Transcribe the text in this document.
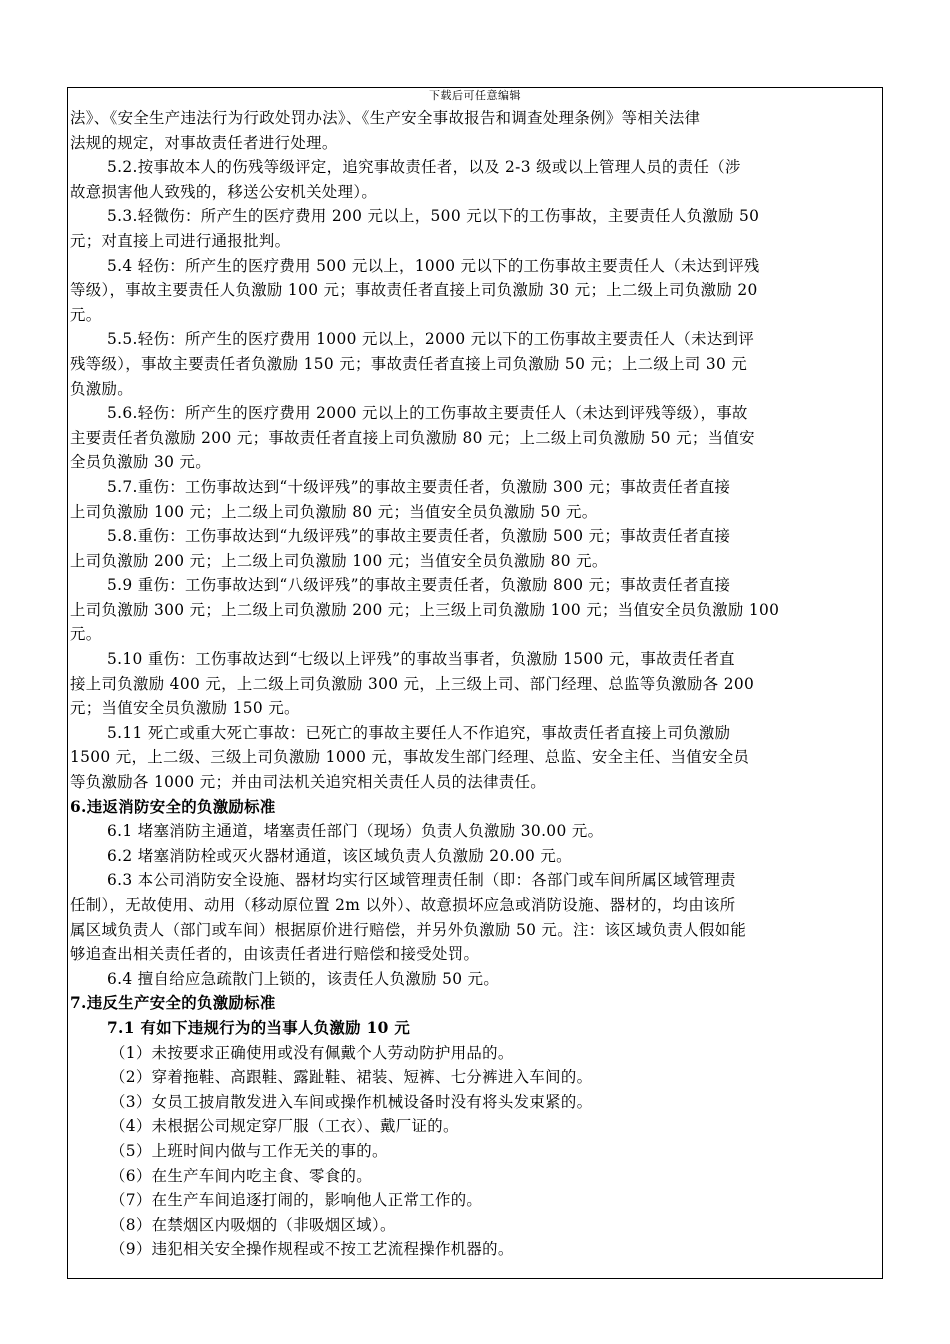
下载后可任意编辑
法》、《安全生产违法行为行政处罚办法》、《生产安全事故报告和调查处理条例》等相关法律
法规的规定，对事故责任者进行处理。
5.2.按事故本人的伤残等级评定，追究事故责任者，以及 2-3 级或以上管理人员的责任（涉
故意损害他人致残的，移送公安机关处理）。
5.3.轻微伤：所产生的医疗费用 200 元以上，500 元以下的工伤事故，主要责任人负激励 50
元；对直接上司进行通报批判。
5.4 轻伤：所产生的医疗费用 500 元以上，1000 元以下的工伤事故主要责任人（未达到评残
等级），事故主要责任人负激励 100 元；事故责任者直接上司负激励 30 元；上二级上司负激励 20
元。
5.5.轻伤：所产生的医疗费用 1000 元以上，2000 元以下的工伤事故主要责任人（未达到评
残等级），事故主要责任者负激励 150 元；事故责任者直接上司负激励 50 元；上二级上司 30 元
负激励。
5.6.轻伤：所产生的医疗费用 2000 元以上的工伤事故主要责任人（未达到评残等级），事故
主要责任者负激励 200 元；事故责任者直接上司负激励 80 元；上二级上司负激励 50 元；当值安
全员负激励 30 元。
5.7.重伤：工伤事故达到“十级评残”的事故主要责任者，负激励 300 元；事故责任者直接
上司负激励 100 元；上二级上司负激励 80 元；当值安全员负激励 50 元。
5.8.重伤：工伤事故达到“九级评残”的事故主要责任者，负激励 500 元；事故责任者直接
上司负激励 200 元；上二级上司负激励 100 元；当值安全员负激励 80 元。
5.9 重伤：工伤事故达到“八级评残”的事故主要责任者，负激励 800 元；事故责任者直接
上司负激励 300 元；上二级上司负激励 200 元；上三级上司负激励 100 元；当值安全员负激励 100
元。
5.10 重伤：工伤事故达到“七级以上评残”的事故当事者，负激励 1500 元，事故责任者直
接上司负激励 400 元，上二级上司负激励 300 元，上三级上司、部门经理、总监等负激励各 200
元；当值安全员负激励 150 元。
5.11 死亡或重大死亡事故：已死亡的事故主要任人不作追究，事故责任者直接上司负激励
1500 元，上二级、三级上司负激励 1000 元，事故发生部门经理、总监、安全主任、当值安全员
等负激励各 1000 元；并由司法机关追究相关责任人员的法律责任。
6.违返消防安全的负激励标准
6.1 堵塞消防主通道，堵塞责任部门（现场）负责人负激励 30.00 元。
6.2 堵塞消防栓或灭火器材通道，该区域负责人负激励 20.00 元。
6.3 本公司消防安全设施、器材均实行区域管理责任制（即：各部门或车间所属区域管理责
任制），无故使用、动用（移动原位置 2m 以外）、故意损坏应急或消防设施、器材的，均由该所
属区域负责人（部门或车间）根据原价进行赔偿，并另外负激励 50 元。注：该区域负责人假如能
够追查出相关责任者的，由该责任者进行赔偿和接受处罚。
6.4 擅自给应急疏散门上锁的，该责任人负激励 50 元。
7.违反生产安全的负激励标准
7.1 有如下违规行为的当事人负激励 10 元
（1）未按要求正确使用或没有佩戴个人劳动防护用品的。
（2）穿着拖鞋、高跟鞋、露趾鞋、裙装、短裤、七分裤进入车间的。
（3）女员工披肩散发进入车间或操作机械设备时没有将头发束紧的。
（4）未根据公司规定穿厂服（工衣）、戴厂证的。
（5）上班时间内做与工作无关的事的。
（6）在生产车间内吃主食、零食的。
（7）在生产车间追逐打闹的，影响他人正常工作的。
（8）在禁烟区内吸烟的（非吸烟区域）。
（9）违犯相关安全操作规程或不按工艺流程操作机器的。
